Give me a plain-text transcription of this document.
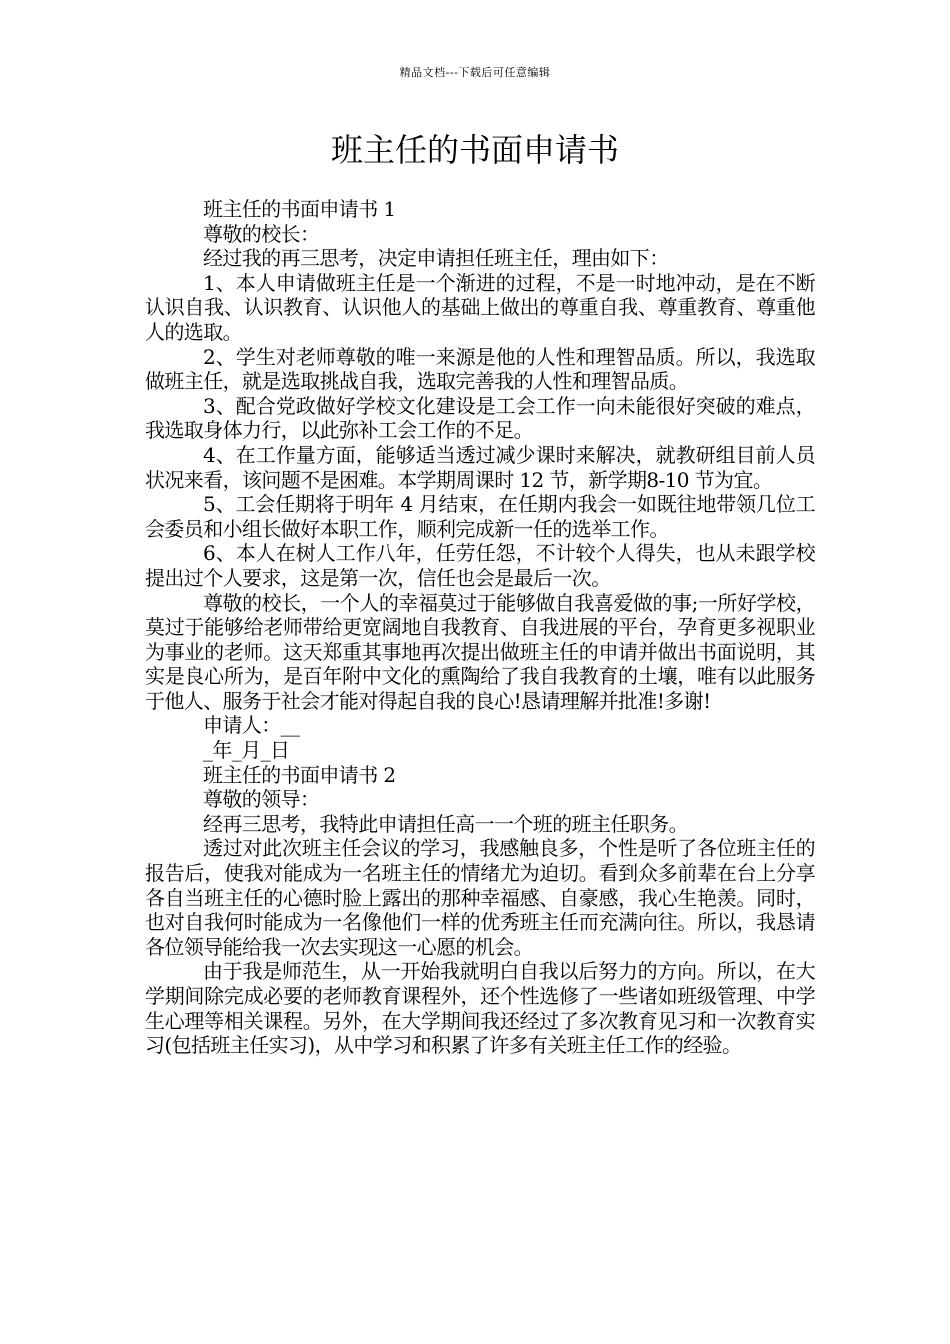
精品文档---下载后可任意编辑
班主任的书面申请书
班主任的书面申请书 1
尊敬的校长：
经过我的再三思考，决定申请担任班主任，理由如下：

1、本人申请做班主任是一个渐进的过程，不是一时地冲动，是在不断认识自我、认识教育、认识他人的基础上做出的尊重自我、尊重教育、尊重他人的选取。

2、学生对老师尊敬的唯一来源是他的人性和理智品质。所以，我选取做班主任，就是选取挑战自我，选取完善我的人性和理智品质。

3、配合党政做好学校文化建设是工会工作一向未能很好突破的难点，我选取身体力行，以此弥补工会工作的不足。

4、在工作量方面，能够适当透过减少课时来解决，就教研组目前人员状况来看，该问题不是困难。本学期周课时 12 节，新学期8-10 节为宜。

5、工会任期将于明年 4 月结束，在任期内我会一如既往地带领几位工会委员和小组长做好本职工作，顺利完成新一任的选举工作。

6、本人在树人工作八年，任劳任怨，不计较个人得失，也从未跟学校提出过个人要求，这是第一次，信任也会是最后一次。

尊敬的校长，一个人的幸福莫过于能够做自我喜爱做的事;一所好学校，莫过于能够给老师带给更宽阔地自我教育、自我进展的平台，孕育更多视职业为事业的老师。这天郑重其事地再次提出做班主任的申请并做出书面说明，其实是良心所为，是百年附中文化的熏陶给了我自我教育的土壤，唯有以此服务于他人、服务于社会才能对得起自我的良心!恳请理解并批准!多谢!

申请人：__
_年_月_日
班主任的书面申请书 2
尊敬的领导：

经再三思考，我特此申请担任高一一个班的班主任职务。

透过对此次班主任会议的学习，我感触良多，个性是听了各位班主任的报告后，使我对能成为一名班主任的情绪尤为迫切。看到众多前辈在台上分享各自当班主任的心德时脸上露出的那种幸福感、自豪感，我心生艳羡。同时，也对自我何时能成为一名像他们一样的优秀班主任而充满向往。所以，我恳请各位领导能给我一次去实现这一心愿的机会。

由于我是师范生，从一开始我就明白自我以后努力的方向。所以，在大学期间除完成必要的老师教育课程外，还个性选修了一些诸如班级管理、中学生心理等相关课程。另外，在大学期间我还经过了多次教育见习和一次教育实习(包括班主任实习)，从中学习和积累了许多有关班主任工作的经验。
